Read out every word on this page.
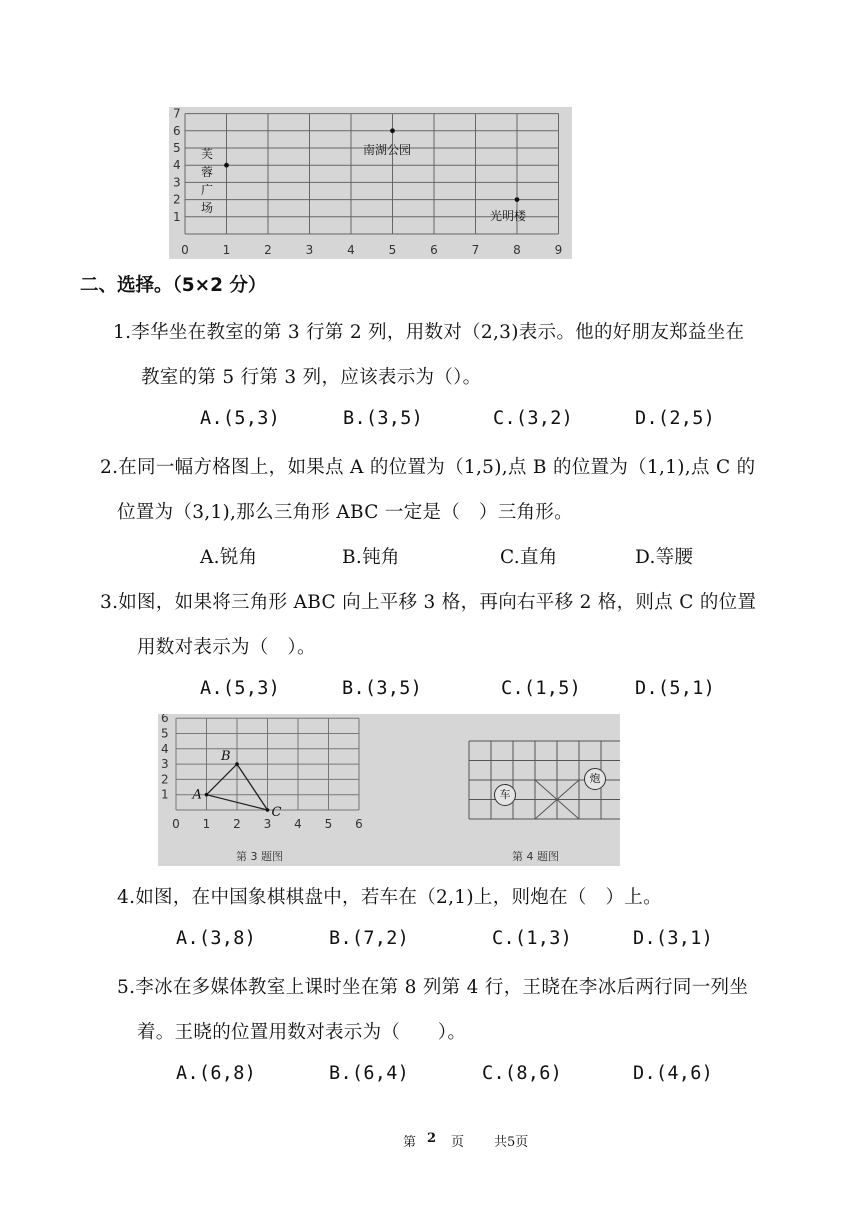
0	1	2	3	4	5	6	7	8	9
7
6
5
4
3
2
1
芙
蓉
广
场
南湖公园
光明楼
二、选择。（5×2 分）
1.李华坐在教室的第 3 行第 2 列，用数对（2,3)表示。他的好朋友郑益坐在
教室的第 5 行第 3 列，应该表示为（）。
A.(5,3)	B.(3,5)	C.(3,2)	D.(2,5)
2.在同一幅方格图上，如果点 A 的位置为（1,5),点 B 的位置为（1,1),点 C 的
位置为（3,1),那么三角形 ABC 一定是（　）三角形。
A.锐角	B.钝角	C.直角	D.等腰
3.如图，如果将三角形 ABC 向上平移 3 格，再向右平移 2 格，则点 C 的位置
用数对表示为（　）。
A.(5,3)	B.(3,5)	C.(1,5)	D.(5,1)
0 1 2 3 4 5 6
6
5
4
3
2
1 A
B
C
车
炮
第 3 题图	第 4 题图
4.如图，在中国象棋棋盘中，若车在（2,1)上，则炮在（　）上。
A.(3,8)	B.(7,2)	C.(1,3)	D.(3,1)
5.李冰在多媒体教室上课时坐在第 8 列第 4 行，王晓在李冰后两行同一列坐
着。王晓的位置用数对表示为（　　）。
A.(6,8)	B.(6,4)	C.(8,6)	D.(4,6)
第 2 页 共5页
